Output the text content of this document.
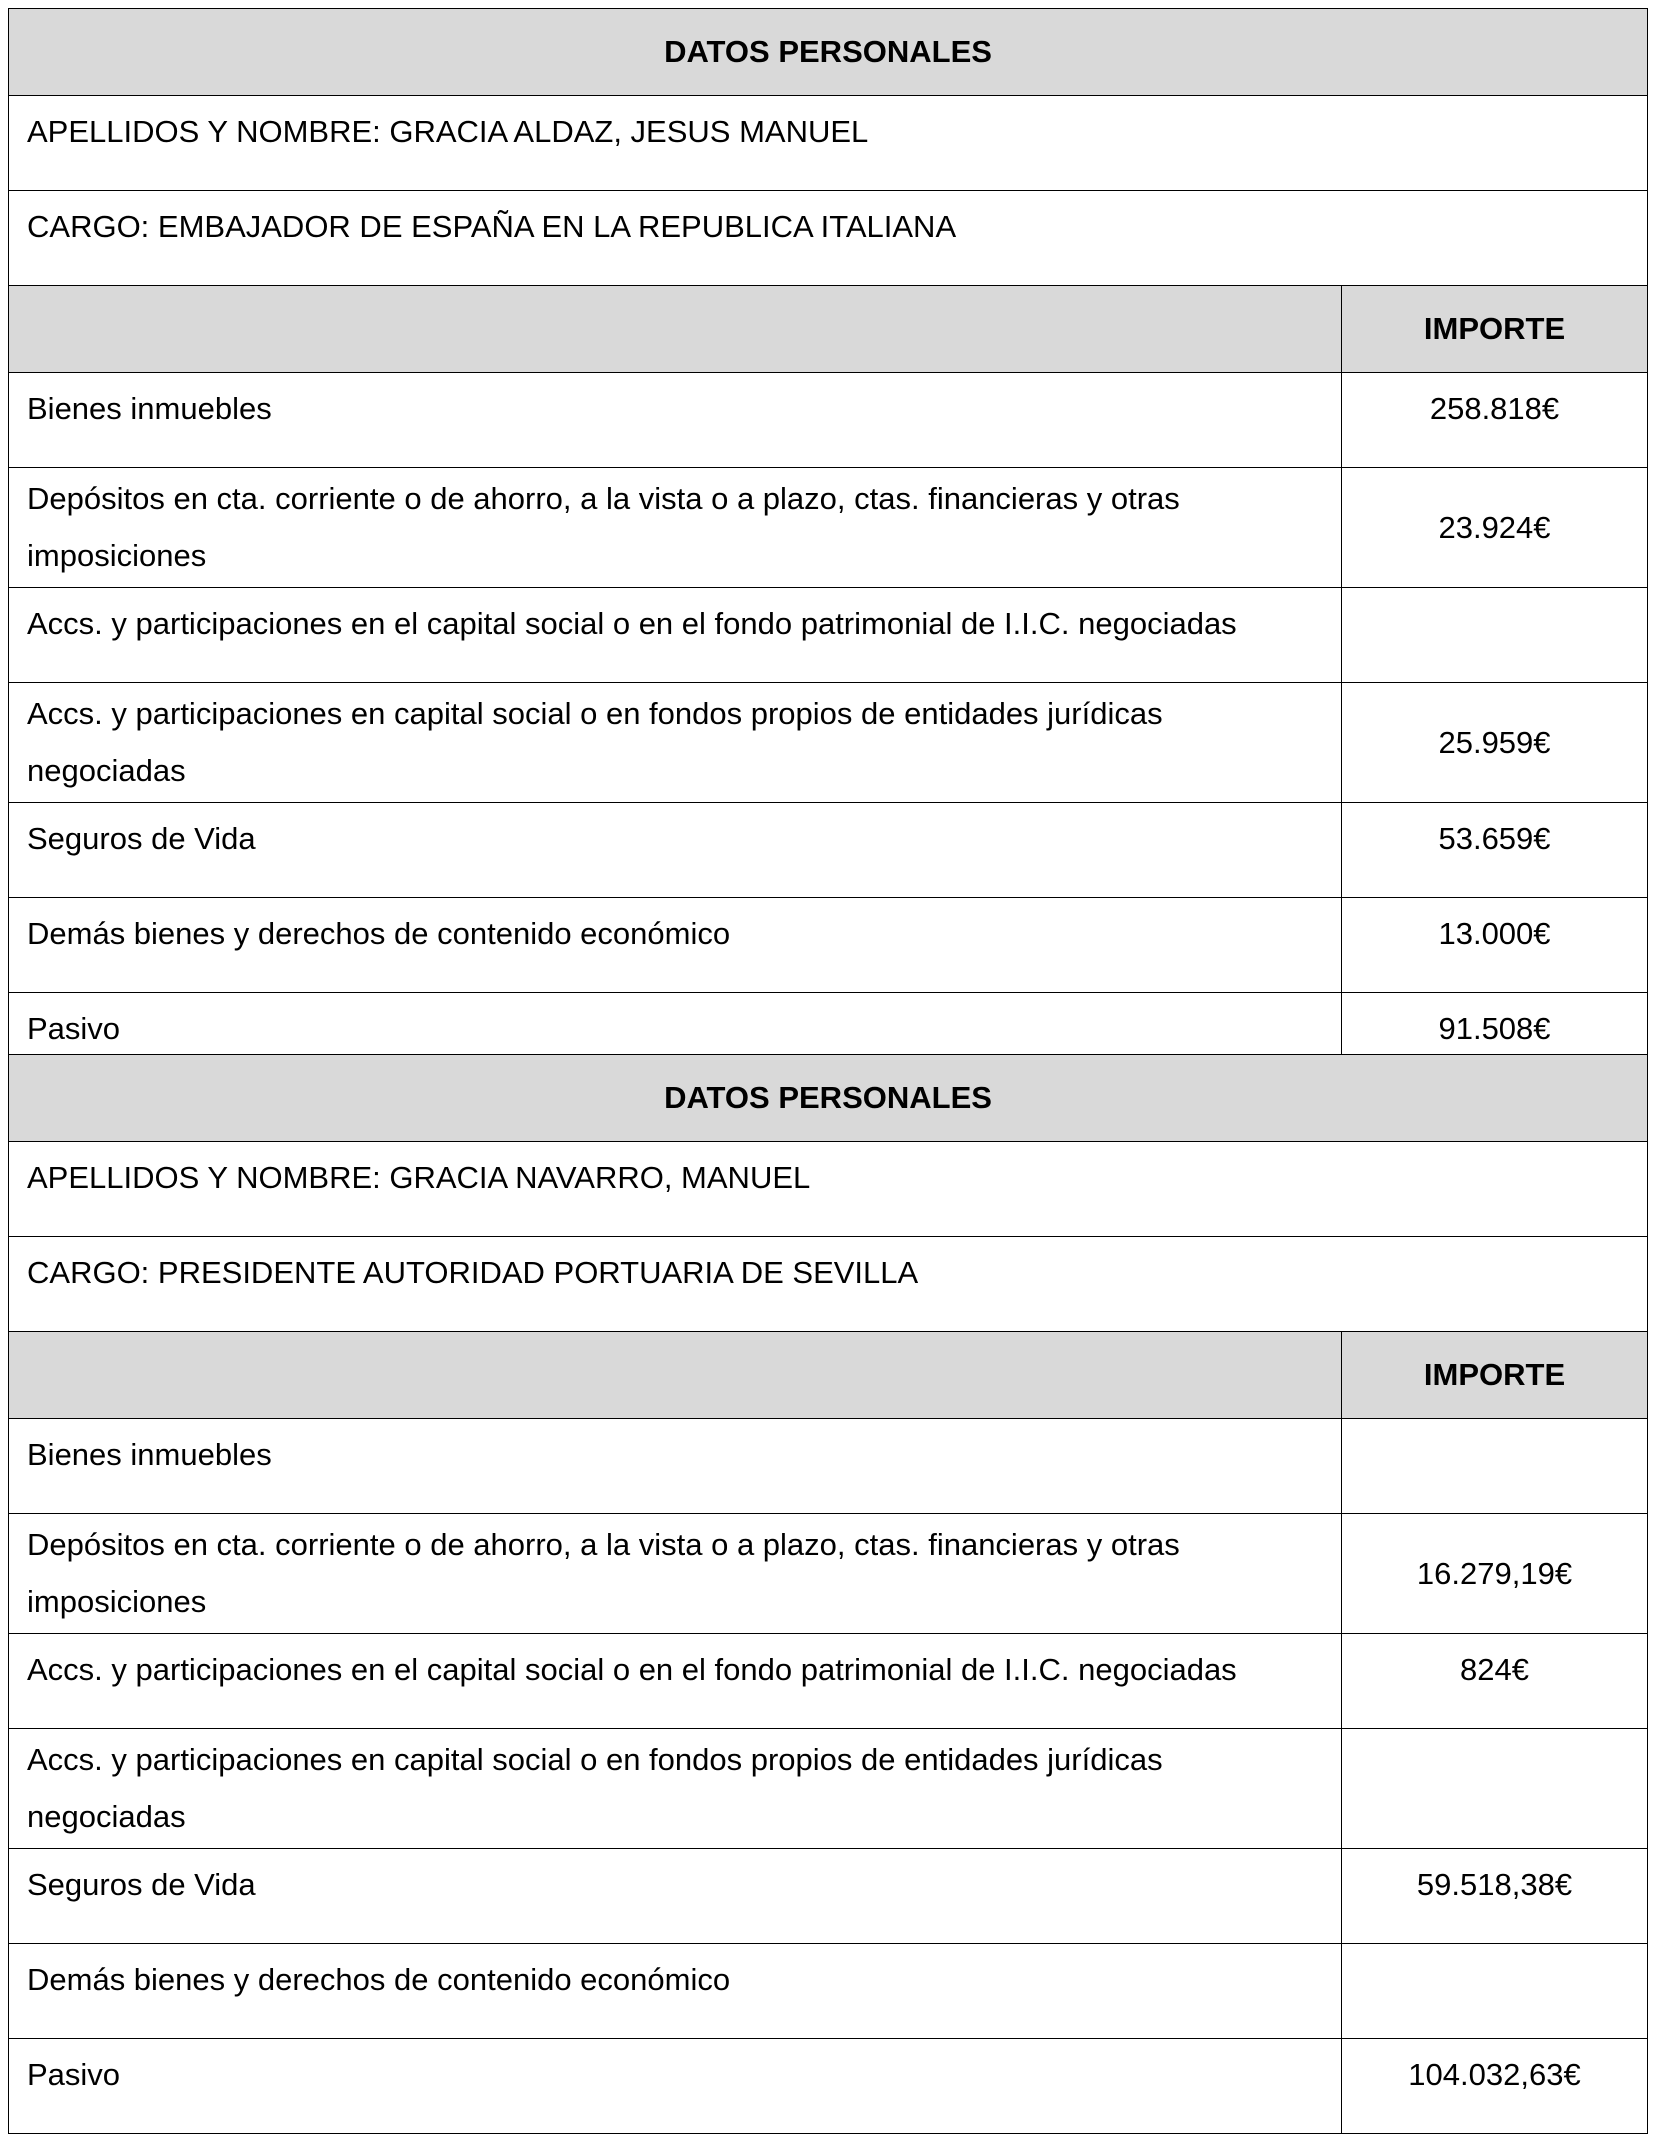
DATOS PERSONALES	
APELLIDOS Y NOMBRE: GRACIA ALDAZ, JESUS MANUEL	
CARGO: EMBAJADOR DE ESPAÑA EN LA REPUBLICA ITALIANA	
	IMPORTE
Bienes inmuebles	258.818€
Depósitos en cta. corriente o de ahorro, a la vista o a plazo, ctas. financieras y otras imposiciones	23.924€
Accs. y participaciones en el capital social o en el fondo patrimonial de I.I.C. negociadas	
Accs. y participaciones en capital social o en fondos propios de entidades jurídicas negociadas	25.959€
Seguros de Vida	53.659€
Demás bienes y derechos de contenido económico	13.000€
Pasivo	91.508€
DATOS PERSONALES	
APELLIDOS Y NOMBRE: GRACIA NAVARRO, MANUEL	
CARGO: PRESIDENTE AUTORIDAD PORTUARIA DE SEVILLA	
	IMPORTE
Bienes inmuebles	
Depósitos en cta. corriente o de ahorro, a la vista o a plazo, ctas. financieras y otras imposiciones	16.279,19€
Accs. y participaciones en el capital social o en el fondo patrimonial de I.I.C. negociadas	824€
Accs. y participaciones en capital social o en fondos propios de entidades jurídicas negociadas	
Seguros de Vida	59.518,38€
Demás bienes y derechos de contenido económico	
Pasivo	104.032,63€
